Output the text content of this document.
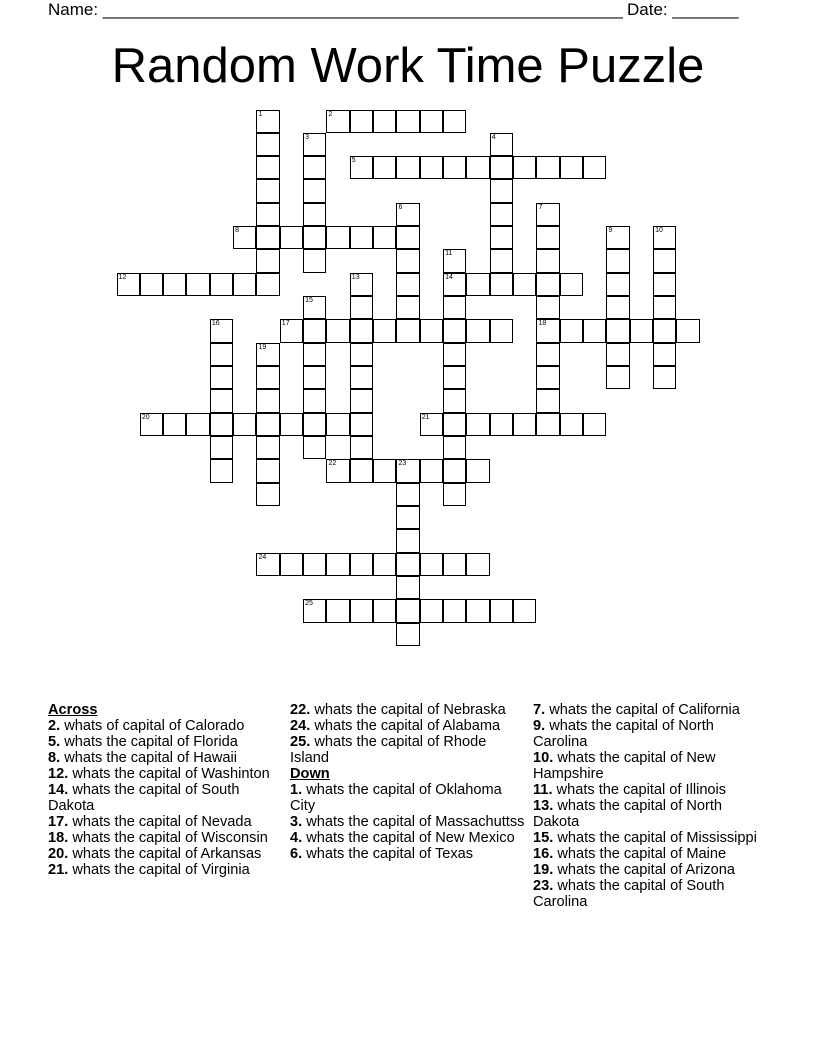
Name: _______________________________________________________ Date: _______
Random Work Time Puzzle
1	2
3	4
5
6	7
18
8	9	10
11
14
12	13
15
16	17
19
20	21
22	23
24
25
Across
2. whats of capital of Calorado
5. whats the capital of Florida
8. whats the capital of Hawaii
12. whats the capital of Washinton
14. whats the capital of South Dakota
17. whats the capital of Nevada
18. whats the capital of Wisconsin
20. whats the capital of Arkansas
21. whats the capital of Virginia
22. whats the capital of Nebraska
24. whats the capital of Alabama
25. whats the capital of Rhode Island
Down
1. whats the capital of Oklahoma City
3. whats the capital of Massachuttss
4. whats the capital of New Mexico
6. whats the capital of Texas
7. whats the capital of California
9. whats the capital of North Carolina
10. whats the capital of New Hampshire
11. whats the capital of Illinois
13. whats the capital of North Dakota
15. whats the capital of Mississippi
16. whats the capital of Maine
19. whats the capital of Arizona
23. whats the capital of South Carolina
